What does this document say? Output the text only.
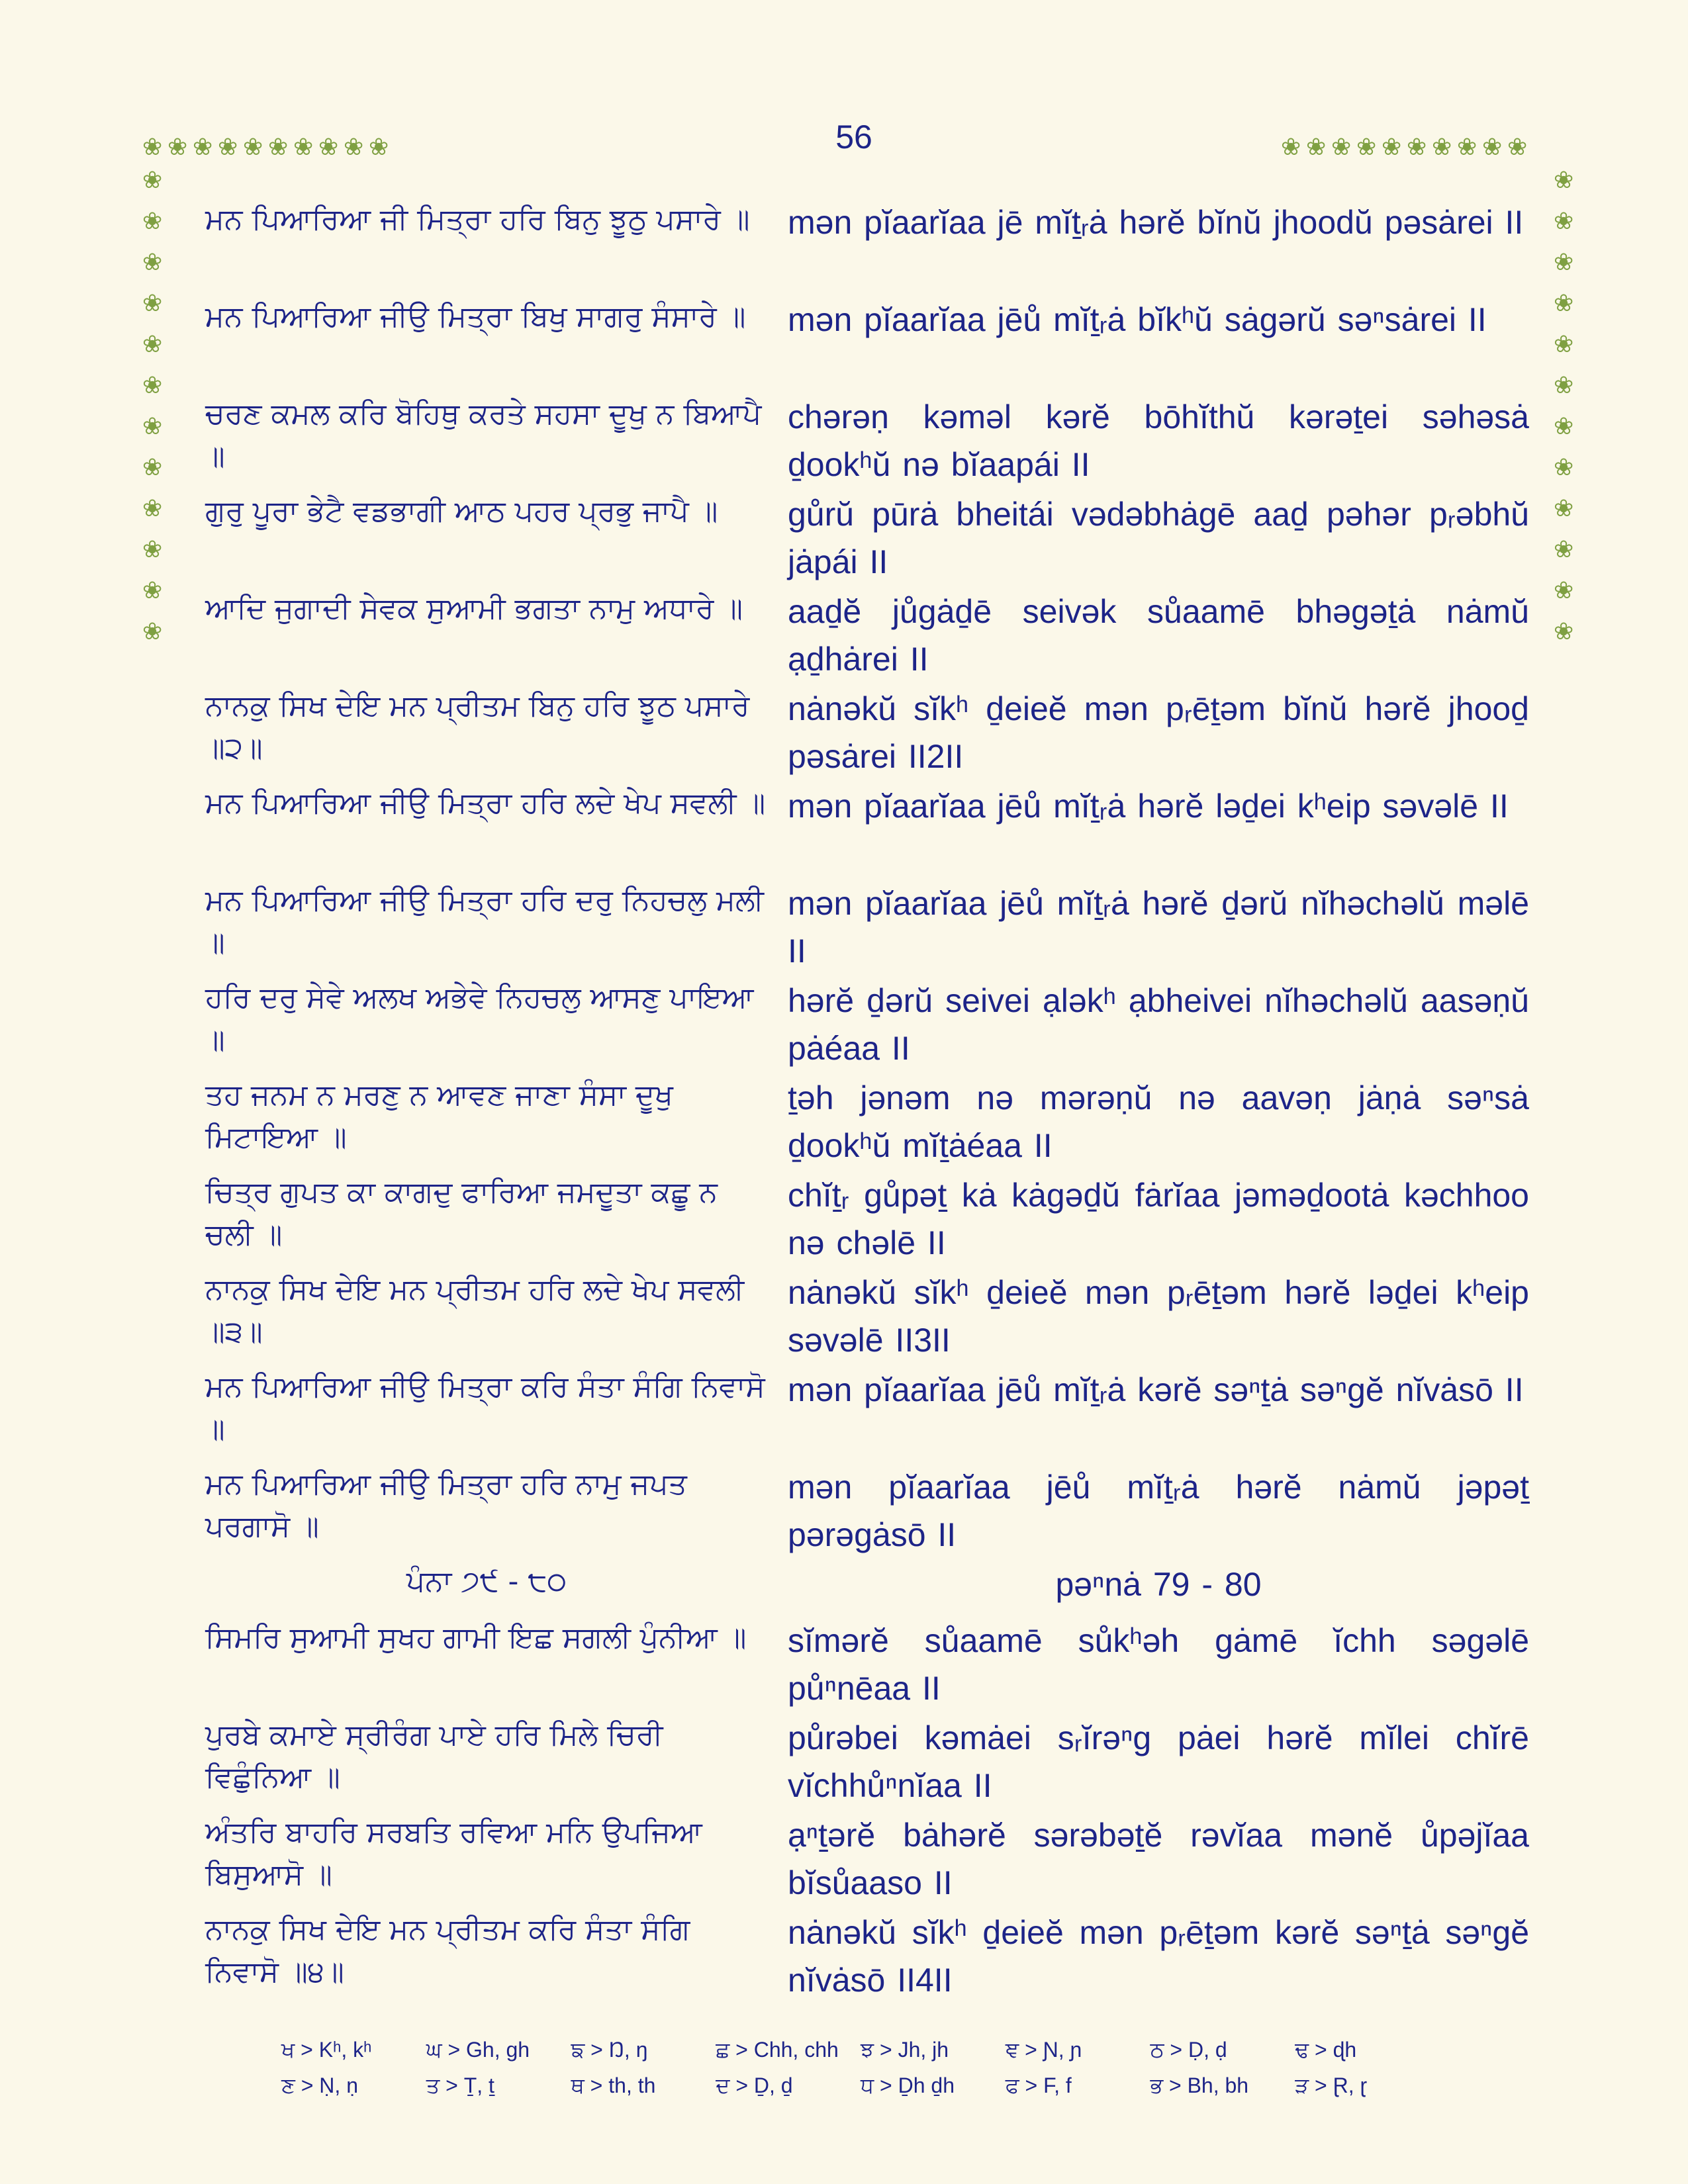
56
❀ ❀ ❀ ❀ ❀ ❀ ❀ ❀ ❀ ❀	❀ ❀ ❀ ❀ ❀ ❀ ❀ ❀ ❀ ❀
❀
❀
❀
❀
❀
❀
❀
❀
❀
❀
❀
❀
❀
❀
❀
❀
❀
❀
❀
❀
❀
❀
❀
❀
ਮਨ ਪਿਆਰਿਆ ਜੀ ਮਿਤ੍ਰਾ ਹਰਿ ਬਿਨੁ ਝੂਠੁ ਪਸਾਰੇ ॥	mən pĭaarĭaa jē mĭṯᵣȧ hərĕ bĭnŭ jhoodŭ pəsȧrei II
ਮਨ ਪਿਆਰਿਆ ਜੀਉ ਮਿਤ੍ਰਾ ਬਿਖੁ ਸਾਗਰੁ ਸੰਸਾਰੇ ॥	mən pĭaarĭaa jēů mĭṯᵣȧ bĭkʰŭ sȧgərŭ səⁿsȧrei II
ਚਰਣ ਕਮਲ ਕਰਿ ਬੋਹਿਥੁ ਕਰਤੇ ਸਹਸਾ ਦੂਖੁ ਨ ਬਿਆਪੈ ॥
chərəṇ kəməl kərĕ bōhĭthŭ kərəṯei səhəsȧ ḏookʰŭ nə bĭaapái II
ਗੁਰੁ ਪੂਰਾ ਭੇਟੈ ਵਡਭਾਗੀ ਆਠ ਪਹਰ ਪ੍ਰਭੁ ਜਾਪੈ ॥	gůrŭ pūrȧ bheitái vədəbhȧgē aaḏ pəhər pᵣəbhŭ jȧpái II
ਆਦਿ ਜੁਗਾਦੀ ਸੇਵਕ ਸੁਆਮੀ ਭਗਤਾ ਨਾਮੁ ਅਧਾਰੇ ॥	aaḏĕ jůgȧḏē seivək sůaamē bhəgəṯȧ nȧmŭ ạḏhȧrei II
ਨਾਨਕੁ ਸਿਖ ਦੇਇ ਮਨ ਪ੍ਰੀਤਮ ਬਿਨੁ ਹਰਿ ਝੂਠ ਪਸਾਰੇ ॥੨॥
nȧnəkŭ sĭkʰ ḏeieĕ mən pᵣēṯəm bĭnŭ hərĕ jhooḏ pəsȧrei II2II
ਮਨ ਪਿਆਰਿਆ ਜੀਉ ਮਿਤ੍ਰਾ ਹਰਿ ਲਦੇ ਖੇਪ ਸਵਲੀ ॥ mən pĭaarĭaa jēů mĭṯᵣȧ hərĕ ləḏei kʰeip səvəlē II
ਮਨ ਪਿਆਰਿਆ ਜੀਉ ਮਿਤ੍ਰਾ ਹਰਿ ਦਰੁ ਨਿਹਚਲੁ ਮਲੀ ॥
mən pĭaarĭaa jēů mĭṯᵣȧ hərĕ ḏərŭ nĭhəchəlŭ məlē II
ਹਰਿ ਦਰੁ ਸੇਵੇ ਅਲਖ ਅਭੇਵੇ ਨਿਹਚਲੁ ਆਸਣੁ ਪਾਇਆ ॥
hərĕ ḏərŭ seivei ạləkʰ ạbheivei nĭhəchəlŭ aasəṇŭ pȧéaa II
ਤਹ ਜਨਮ ਨ ਮਰਣੁ ਨ ਆਵਣ ਜਾਣਾ ਸੰਸਾ ਦੂਖੁ ਮਿਟਾਇਆ ॥
ṯəh jənəm nə mərəṇŭ nə aavəṇ jȧṇȧ səⁿsȧ ḏookʰŭ mĭṯȧéaa II
ਚਿਤ੍ਰ ਗੁਪਤ ਕਾ ਕਾਗਦੁ ਫਾਰਿਆ ਜਮਦੂਤਾ ਕਛੂ ਨ ਚਲੀ ॥
chĭṯᵣ gůpəṯ kȧ kȧgəḏŭ fȧrĭaa jəməḏootȧ kəchhoo nə chəlē II
ਨਾਨਕੁ ਸਿਖ ਦੇਇ ਮਨ ਪ੍ਰੀਤਮ ਹਰਿ ਲਦੇ ਖੇਪ ਸਵਲੀ ॥੩॥
nȧnəkŭ sĭkʰ ḏeieĕ mən pᵣēṯəm hərĕ ləḏei kʰeip səvəlē II3II
ਮਨ ਪਿਆਰਿਆ ਜੀਉ ਮਿਤ੍ਰਾ ਕਰਿ ਸੰਤਾ ਸੰਗਿ ਨਿਵਾਸੋ ॥
mən pĭaarĭaa jēů mĭṯᵣȧ kərĕ səⁿṯȧ səⁿgĕ nĭvȧsō II
ਮਨ ਪਿਆਰਿਆ ਜੀਉ ਮਿਤ੍ਰਾ ਹਰਿ ਨਾਮੁ ਜਪਤ ਪਰਗਾਸੋ ॥
mən pĭaarĭaa jēů mĭṯᵣȧ hərĕ nȧmŭ jəpəṯ pərəgȧsō II
ਪੰਨਾ ੭੯ - ੮੦	pəⁿnȧ 79 - 80
ਸਿਮਰਿ ਸੁਆਮੀ ਸੁਖਹ ਗਾਮੀ ਇਛ ਸਗਲੀ ਪੁੰਨੀਆ ॥	sĭmərĕ sůaamē sůkʰəh gȧmē ĭchh səgəlē půⁿnēaa II
ਪੁਰਬੇ ਕਮਾਏ ਸ੍ਰੀਰੰਗ ਪਾਏ ਹਰਿ ਮਿਲੇ ਚਿਰੀ ਵਿਛੁੰਨਿਆ ॥
půrəbei kəmȧei sᵣĭrəⁿg pȧei hərĕ mĭlei chĭrē vĭchhůⁿnĭaa II
ਅੰਤਰਿ ਬਾਹਰਿ ਸਰਬਤਿ ਰਵਿਆ ਮਨਿ ਉਪਜਿਆ ਬਿਸੁਆਸੋ ॥
ạⁿṯərĕ bȧhərĕ sərəbəṯĕ rəvĭaa mənĕ ůpəjĭaa bĭsůaaso II
ਨਾਨਕੁ ਸਿਖ ਦੇਇ ਮਨ ਪ੍ਰੀਤਮ ਕਰਿ ਸੰਤਾ ਸੰਗਿ ਨਿਵਾਸੋ ॥੪॥
nȧnəkŭ sĭkʰ ḏeieĕ mən pᵣēṯəm kərĕ səⁿṯȧ səⁿgĕ nĭvȧsō II4II
ਖ > Kʰ, kʰ	ਘ > Gh, gh	ਙ > Ŋ, ŋ	ਛ > Chh, chh	ਝ > Jh, jh	ਞ > Ɲ, ɲ	ਠ > Ḍ, ḍ	ਢ > ɖh
ਣ > Ṇ, ṇ	ਤ > Ṯ, ṯ	ਥ > th, th	ਦ > Ḏ, ḏ	ਧ > Ḏh ḏh	ਫ > F, f	ਭ > Bh, bh	ੜ > Ɽ, ɽ
